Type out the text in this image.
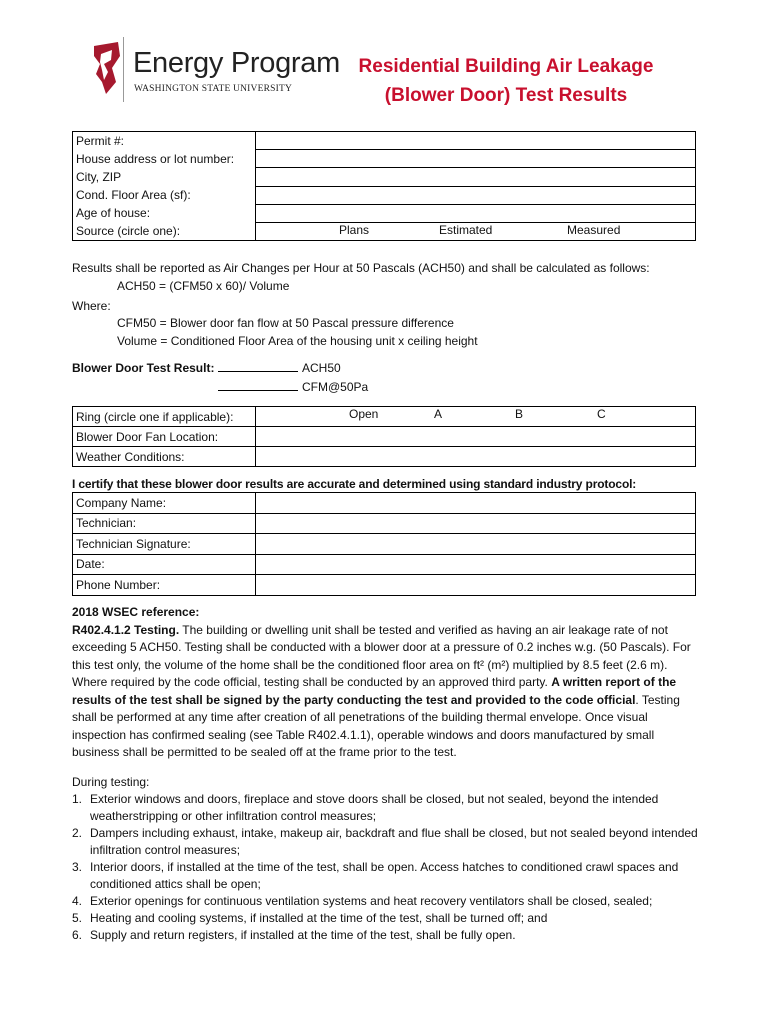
Energy Program
WASHINGTON STATE UNIVERSITY
Residential Building Air Leakage
(Blower Door) Test Results
Permit #:	
House address or lot number:	
City, ZIP	
Cond. Floor Area (sf):	
Age of house:	
Source (circle one):	Plans Estimated Measured
Results shall be reported as Air Changes per Hour at 50 Pascals (ACH50) and shall be calculated as follows:
ACH50 = (CFM50 x 60)/ Volume
Where:
CFM50 = Blower door fan flow at 50 Pascal pressure difference
Volume = Conditioned Floor Area of the housing unit x ceiling height
Blower Door Test Result:	ACH50
CFM@50Pa
Ring (circle one if applicable):	Open A B C

Blower Door Fan Location:	
Weather Conditions:	
I certify that these blower door results are accurate and determined using standard industry protocol:
Company Name:	
Technician:	
Technician Signature:	
Date:	
Phone Number:	

2018 WSEC reference:

R402.4.1.2 Testing. The building or dwelling unit shall be tested and verified as having an air leakage rate of not exceeding 5 ACH50. Testing shall be conducted with a blower door at a pressure of 0.2 inches w.g. (50 Pascals). For this test only, the volume of the home shall be the conditioned floor area on ft² (m²) multiplied by 8.5 feet (2.6 m). Where required by the code official, testing shall be conducted by an approved third party. A written report of the results of the test shall be signed by the party conducting the test and provided to the code official. Testing shall be performed at any time after creation of all penetrations of the building thermal envelope. Once visual inspection has confirmed sealing (see Table R402.4.1.1), operable windows and doors manufactured by small business shall be permitted to be sealed off at the frame prior to the test.

During testing:
1. Exterior windows and doors, fireplace and stove doors shall be closed, but not sealed, beyond the intended weatherstripping or other infiltration control measures;
2. Dampers including exhaust, intake, makeup air, backdraft and flue shall be closed, but not sealed beyond intended infiltration control measures;
3. Interior doors, if installed at the time of the test, shall be open. Access hatches to conditioned crawl spaces and conditioned attics shall be open;
4. Exterior openings for continuous ventilation systems and heat recovery ventilators shall be closed, sealed;
5. Heating and cooling systems, if installed at the time of the test, shall be turned off; and
6. Supply and return registers, if installed at the time of the test, shall be fully open.
